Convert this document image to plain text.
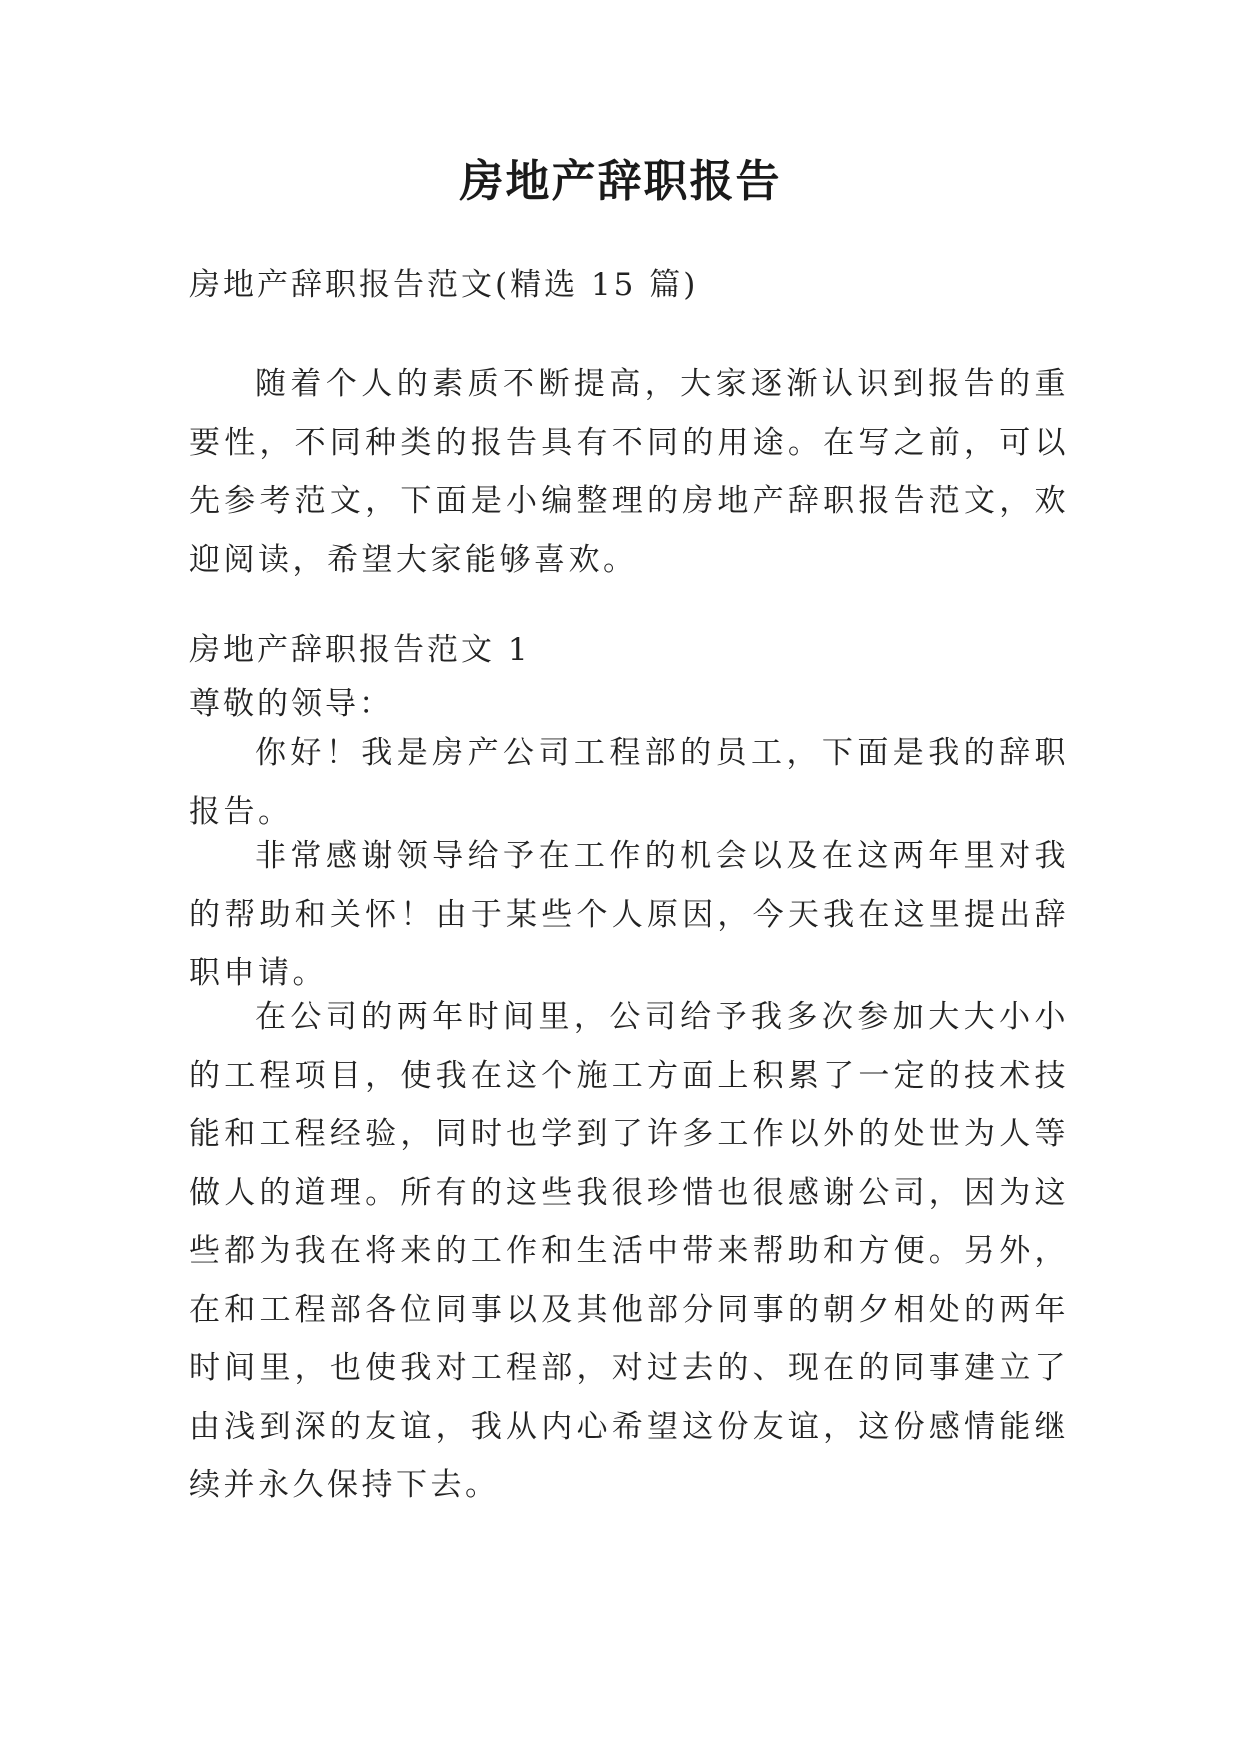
房地产辞职报告
房地产辞职报告范文(精选 15 篇)

随着个人的素质不断提高，大家逐渐认识到报告的重要性，不同种类的报告具有不同的用途。在写之前，可以先参考范文，下面是小编整理的房地产辞职报告范文，欢迎阅读，希望大家能够喜欢。

房地产辞职报告范文 1
尊敬的领导：

你好！我是房产公司工程部的员工，下面是我的辞职报告。

非常感谢领导给予在工作的机会以及在这两年里对我的帮助和关怀！由于某些个人原因，今天我在这里提出辞职申请。

在公司的两年时间里，公司给予我多次参加大大小小的工程项目，使我在这个施工方面上积累了一定的技术技能和工程经验，同时也学到了许多工作以外的处世为人等做人的道理。所有的这些我很珍惜也很感谢公司，因为这些都为我在将来的工作和生活中带来帮助和方便。另外，在和工程部各位同事以及其他部分同事的朝夕相处的两年时间里，也使我对工程部，对过去的、现在的同事建立了由浅到深的友谊，我从内心希望这份友谊，这份感情能继续并永久保持下去。
